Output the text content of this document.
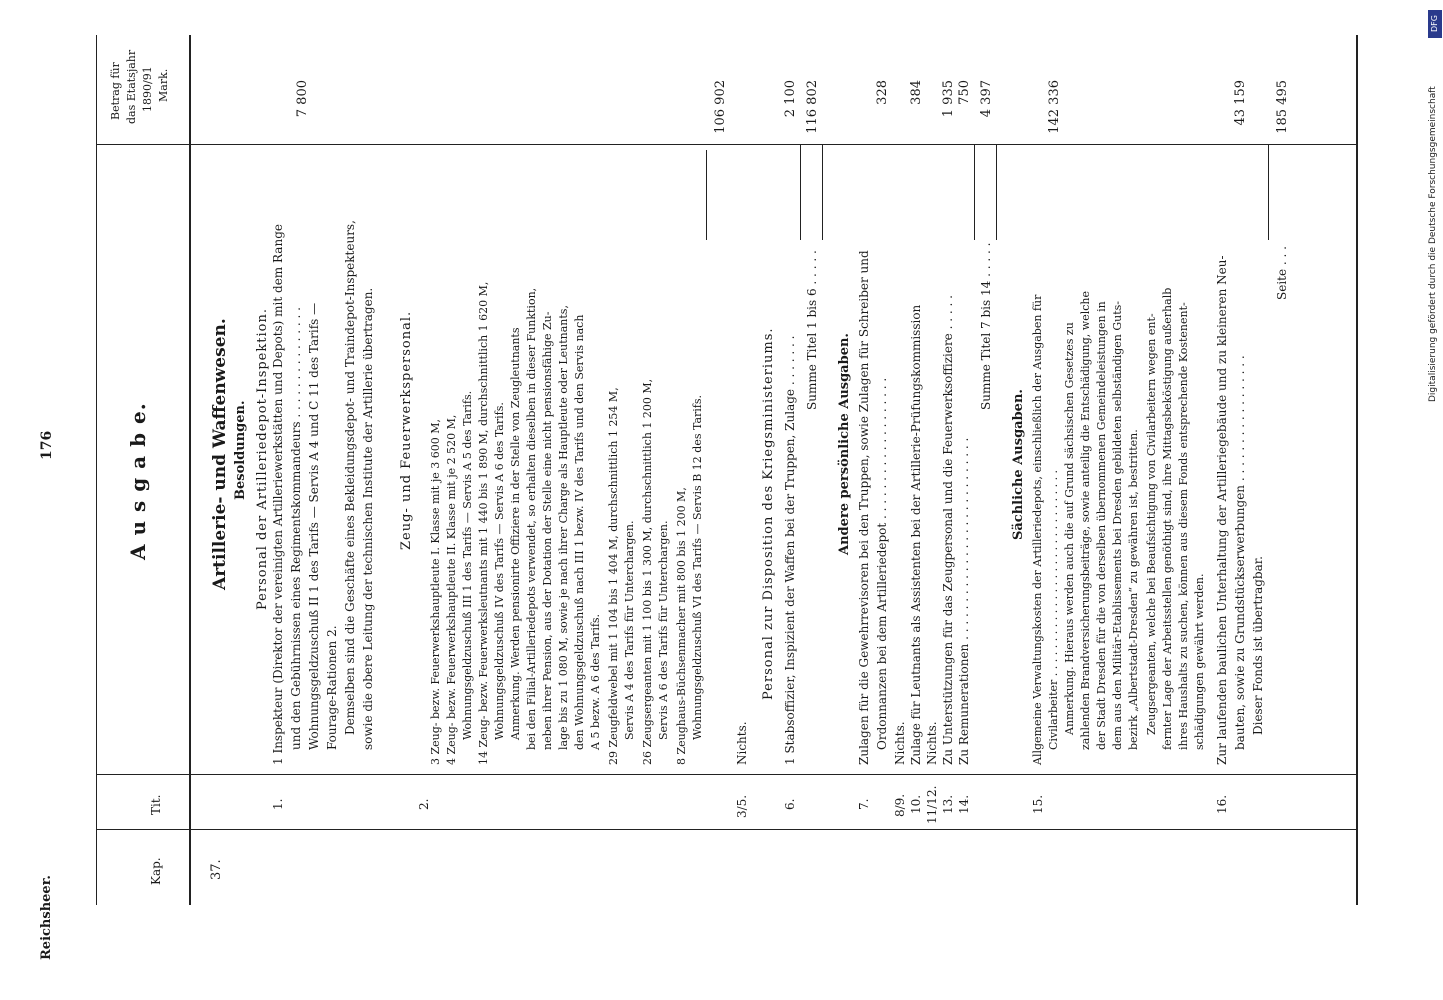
Reichsheer.
176	A u s g a b e.
Kap.
Tit.
Betrag für das Etatsjahr 1890/91 Mark.
37.
Artillerie- und Waffenwesen. Besoldungen. Personal der Artilleriedepot-Inspektion.
1.
1 Inspekteur (Direktor der vereinigten Artilleriewerkstätten und Depots) mit dem Range und den Gebührnissen eines Regimentskommandeurs . . . . . . . . . . . . . . . Wohnungsgeldzuschuß II 1 des Tarifs — Servis A 4 und C 11 des Tarifs — Fourage-Rationen 2. Demselben sind die Geschäfte eines Bekleidungsdepot- und Traindepot-Inspekteurs, sowie die obere Leitung der technischen Institute der Artillerie übertragen.
7 800
Zeug- und Feuerwerkspersonal.
2.
3 Zeug- bezw. Feuerwerkshauptleute I. Klasse mit je 3 600 M, 4 Zeug- bezw. Feuerwerkshauptleute II. Klasse mit je 2 520 M, Wohnungsgeldzuschuß III 1 des Tarifs — Servis A 5 des Tarifs. 14 Zeug- bezw. Feuerwerksleutnants mit 1 440 bis 1 890 M, durchschnittlich 1 620 M, Wohnungsgeldzuschuß IV des Tarifs — Servis A 6 des Tarifs. Anmerkung. Werden pensionirte Offiziere in der Stelle von Zeugleutnants bei den Filial-Artilleriedepots verwendet, so erhalten dieselben in dieser Funktion, neben ihrer Pension, aus der Dotation der Stelle eine nicht pensionsfähige Zu- lage bis zu 1 080 M, sowie je nach ihrer Charge als Hauptleute oder Leutnants, den Wohnungsgeldzuschuß nach III 1 bezw. IV des Tarifs und den Servis nach A 5 bezw. A 6 des Tarifs. 29 Zeugfeldwebel mit 1 104 bis 1 404 M, durchschnittlich 1 254 M, Servis A 4 des Tarifs für Unterchargen. 26 Zeugsergeanten mit 1 100 bis 1 300 M, durchschnittlich 1 200 M, Servis A 6 des Tarifs für Unterchargen. 8 Zeughaus-Büchsenmacher mit 800 bis 1 200 M, Wohnungsgeldzuschuß VI des Tarifs — Servis B 12 des Tarifs.
106 902
3/5.
Nichts.
Personal zur Disposition des Kriegsministeriums.
6.
1 Stabsoffizier, Inspizient der Waffen bei der Truppen, Zulage . . . . . . .
2 100
Summe Titel 1 bis 6 . . . . .
116 802
Andere persönliche Ausgaben.
7.
Zulagen für die Gewehrrevisoren bei den Truppen, sowie Zulagen für Schreiber und Ordonnanzen bei dem Artilleriedepot . . . . . . . . . . . . . . . . . . .
328
8/9.
Nichts.
10.
Zulage für Leutnants als Assistenten bei der Artillerie-Prüfungskommission
384
11/12.
Nichts.
13.
Zu Unterstützungen für das Zeugpersonal und die Feuerwerksoffiziere . . . . .
1 935
14.
Zu Remunerationen . . . . . . . . . . . . . . . . . . . . . . . . . . .
750
Summe Titel 7 bis 14 . . . . .
4 397
Sächliche Ausgaben.
15.
Allgemeine Verwaltungskosten der Artilleriedepots, einschließlich der Ausgaben für Civilarbeiter . . . . . . . . . . . . . . . . . . . . . . . . . . . . . . Anmerkung. Hieraus werden auch die auf Grund sächsischen Gesetzes zu zahlenden Brandversicherungsbeiträge, sowie anteilig die Entschädigung, welche der Stadt Dresden für die von derselben übernommenen Gemeindeleistungen in dem aus den Militär-Etablissements bei Dresden gebildeten selbständigen Guts- bezirk „Albertstadt-Dresden“ zu gewähren ist, bestritten. Zeugsergeanten, welche bei Beaufsichtigung von Civilarbeitern wegen ent- fernter Lage der Arbeitsstellen genöthigt sind, ihre Mittagsbeköstigung außerhalb ihres Haushalts zu suchen, können aus diesem Fonds entsprechende Kostenent- schädigungen gewährt werden.
142 336
16.
Zur laufenden baulichen Unterhaltung der Artilleriegebäude und zu kleineren Neu- bauten, sowie zu Grundstückserwerbungen . . . . . . . . . . . . . . . . . Dieser Fonds ist übertragbar.
43 159
Seite . . .
185 495
DFG
Digitalisierung gefördert durch die Deutsche Forschungsgemeinschaft
